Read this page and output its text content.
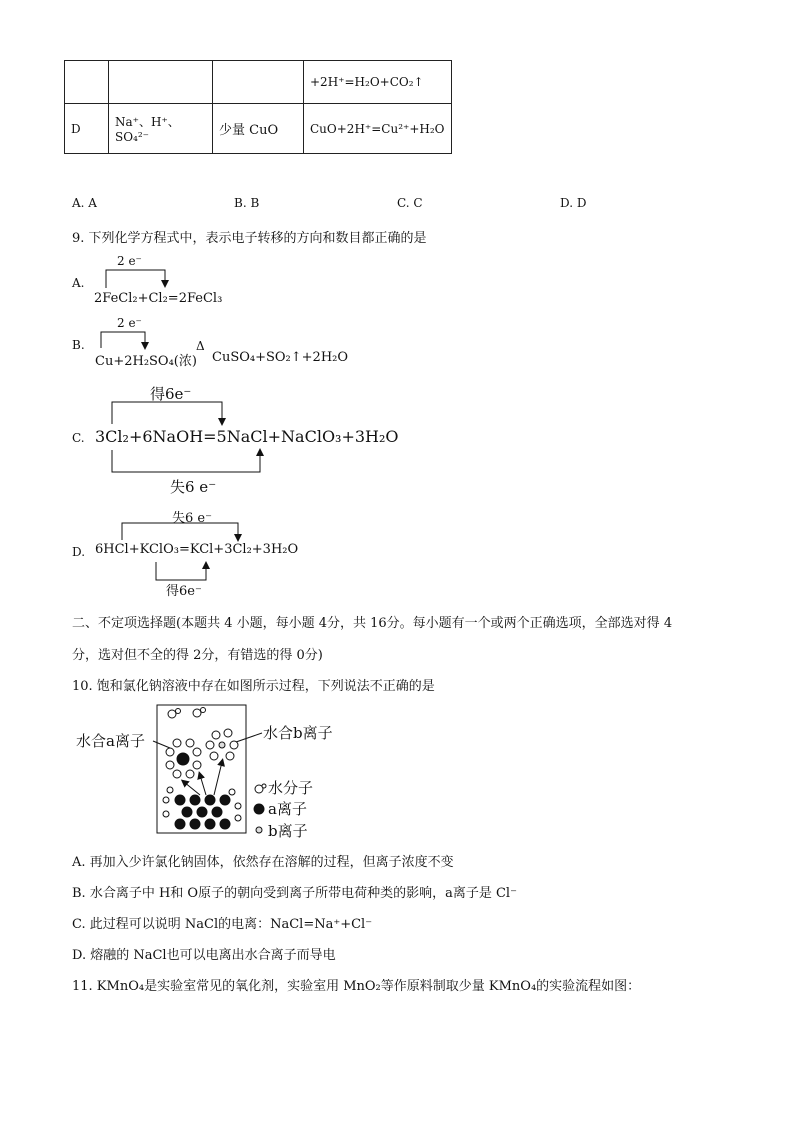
			+2H⁺=H₂O+CO₂↑
D	Na⁺、H⁺、SO₄²⁻	少量 CuO	CuO+2H⁺=Cu²⁺+H₂O
A. A	B. B	C. C	D. D
9. 下列化学方程式中，表示电子转移的方向和数目都正确的是
A.
2 e⁻
2FeCl₂+Cl₂=2FeCl₃
B.
2 e⁻
Cu+2H₂SO₄(浓)
Δ
CuSO₄+SO₂↑+2H₂O
C.
得6e⁻
3Cl₂+6NaOH=5NaCl+NaClO₃+3H₂O
失6 e⁻
D.
失6 e⁻
6HCl+KClO₃=KCl+3Cl₂+3H₂O
得6e⁻
二、不定项选择题(本题共 4 小题，每小题 4分，共 16分。每小题有一个或两个正确选项，全部选对得 4
分，选对但不全的得 2分，有错选的得 0分)
10. 饱和氯化钠溶液中存在如图所示过程，下列说法不正确的是
水合a离子	水合b离子
水分子
a离子
b离子
A. 再加入少许氯化钠固体，依然存在溶解的过程，但离子浓度不变
B. 水合离子中 H和 O原子的朝向受到离子所带电荷种类的影响，a离子是 Cl⁻
C. 此过程可以说明 NaCl的电离：NaCl=Na⁺+Cl⁻
D. 熔融的 NaCl也可以电离出水合离子而导电
11. KMnO₄是实验室常见的氧化剂，实验室用 MnO₂等作原料制取少量 KMnO₄的实验流程如图：
